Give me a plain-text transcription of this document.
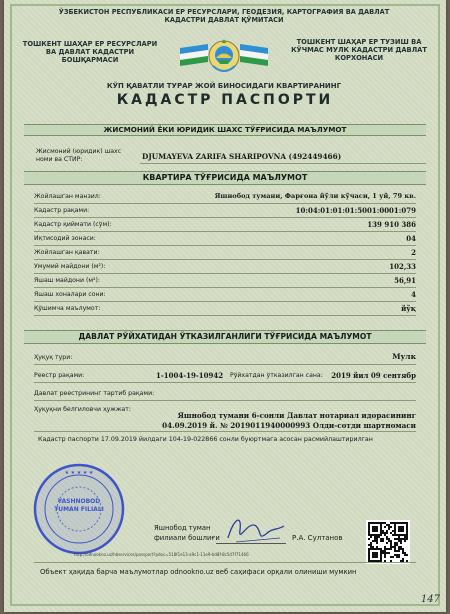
ЎЗБЕКИСТОН РЕСПУБЛИКАСИ ЕР РЕСУРСЛАРИ, ГЕОДЕЗИЯ, КАРТОГРАФИЯ ВА ДАВЛАТ КАДАСТРИ ДАВЛАТ ҚЎМИТАСИ
ТОШКЕНТ ШАҲАР ЕР РЕСУРСЛАРИ ВА ДАВЛАТ КАДАСТРИ БОШҚАРМАСИ
ТОШКЕНТ ШАҲАР ЕР ТУЗИШ ВА КЎЧМАС МУЛК КАДАСТРИ ДАВЛАТ КОРХОНАСИ
КЎП ҚАВАТЛИ ТУРАР ЖОЙ БИНОСИДАГИ КВАРТИРАНИНГ
КАДАСТР ПАСПОРТИ
ЖИСМОНИЙ ЁКИ ЮРИДИК ШАХС ТЎҒРИСИДА МАЪЛУМОТ
Жисмоний (юридик) шахс
номи ва СТИР:	DJUMAYEVA ZARIFA SHARIPOVNA (492449466)
КВАРТИРА ТЎҒРИСИДА МАЪЛУМОТ
Жойлашган манзил:	Яшнобод тумани, Фарғона йўли кўчаси, 1 уй, 79 кв.
Кадастр рақами:	10:04:01:01:01:5001:0001:079
Кадастр қиймати (сўм):	139 910 386
Иқтисодий зонаси:	04
Жойлашган қавати:	2
Умумий майдони (м²):	102,33
Яшаш майдони (м²):	56,91
Яшаш хоналари сони:	4
Қўшимча маълумот:	йўқ
ДАВЛАТ РЎЙХАТИДАН ЎТКАЗИЛГАНЛИГИ ТЎҒРИСИДА МАЪЛУМОТ
Ҳуқуқ тури:	Мулк
Реестр рақами:	1-1004-19-10942 Рўйхатдан ўтказилган сана: 2019 йил 09 сентябр
Давлат реестрининг тартиб рақами:
Ҳуқуқни белгиловчи ҳужжат:
Яшнобод тумани 6-сонли Давлат нотариал идорасининг
04.09.2019 й. № 2019011940000993 Олди-сотди шартномаси
Кадастр паспорти 17.09.2019 йилдаги 104-19-022866 сонли буюртмага асосан расмийлаштирилган
★ ★ ★ ★ ★
YASHNOBOD
TUMAN FILIALI
Яшнобод туман
филиали бошлиғи	Р.А. Султанов
http://odnookno.uz/hbservices/passport?pdoc=518f1e13-a9c1-11e9-bd8f-8c5d7f71466
Объект ҳақида барча маълумотлар odnookno.uz веб саҳифаси орқали олиниши мумкин
147
